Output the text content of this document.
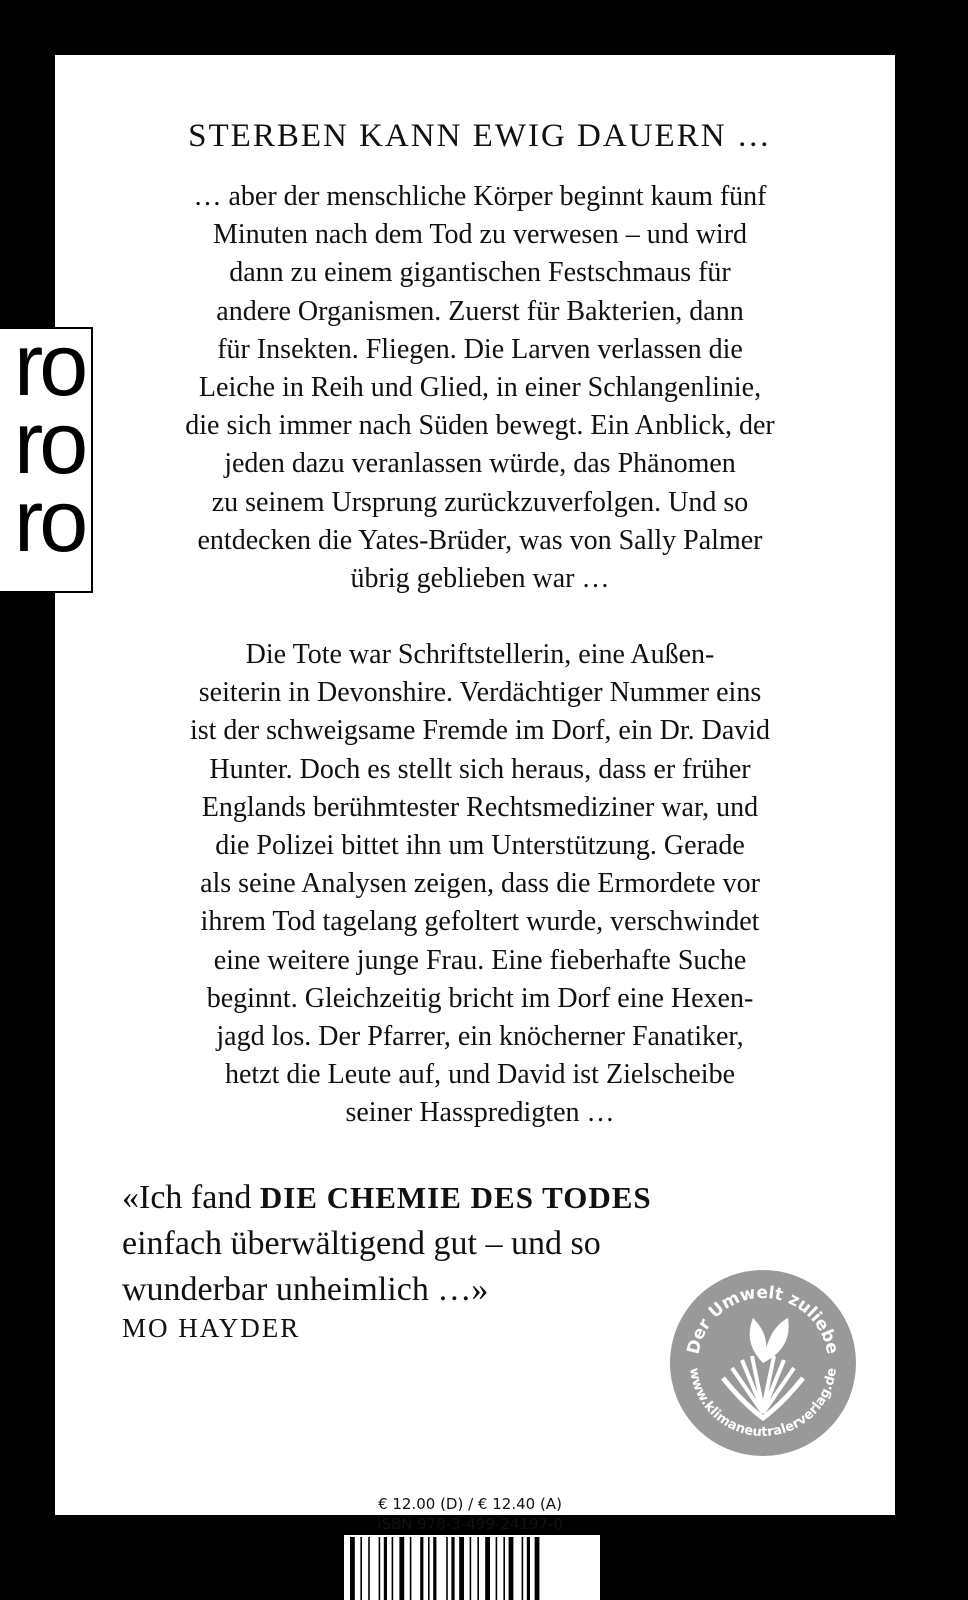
ro
ro
ro
STERBEN KANN EWIG DAUERN …
… aber der menschliche Körper beginnt kaum fünf
Minuten nach dem Tod zu verwesen – und wird
dann zu einem gigantischen Festschmaus für
andere Organismen. Zuerst für Bakterien, dann
für Insekten. Fliegen. Die Larven verlassen die
Leiche in Reih und Glied, in einer Schlangenlinie,
die sich immer nach Süden bewegt. Ein Anblick, der
jeden dazu veranlassen würde, das Phänomen
zu seinem Ursprung zurückzuverfolgen. Und so
entdecken die Yates-Brüder, was von Sally Palmer
übrig geblieben war …
Die Tote war Schriftstellerin, eine Außen-
seiterin in Devonshire. Verdächtiger Nummer eins
ist der schweigsame Fremde im Dorf, ein Dr. David
Hunter. Doch es stellt sich heraus, dass er früher
Englands berühmtester Rechtsmediziner war, und
die Polizei bittet ihn um Unterstützung. Gerade
als seine Analysen zeigen, dass die Ermordete vor
ihrem Tod tagelang gefoltert wurde, verschwindet
eine weitere junge Frau. Eine fieberhafte Suche
beginnt. Gleichzeitig bricht im Dorf eine Hexen-
jagd los. Der Pfarrer, ein knöcherner Fanatiker,
hetzt die Leute auf, und David ist Zielscheibe
seiner Hasspredigten …
«Ich fand DIE CHEMIE DES TODES
einfach überwältigend gut – und so
wunderbar unheimlich …»
MO HAYDER
Der Umwelt zuliebe
www.klimaneutralerverlag.de
€ 12.00 (D) / € 12.40 (A)
ISBN 978-3-499-24197-0
